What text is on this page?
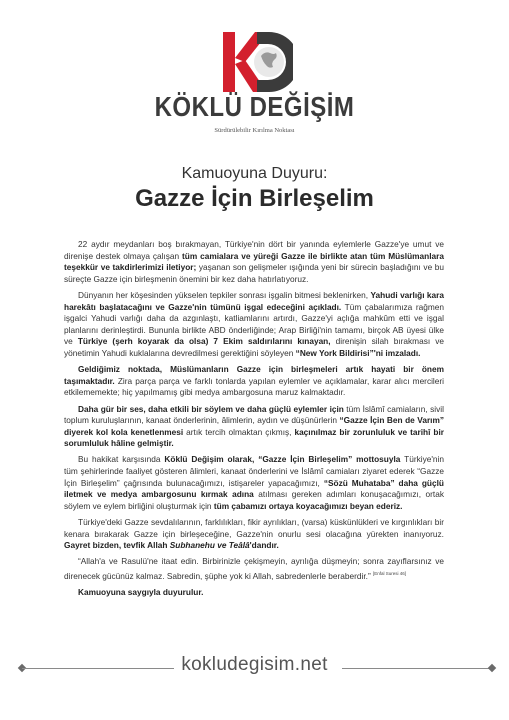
KÖKLÜ DEĞİŞİM
Sürdürülebilir Kırılma Noktası
Kamuoyuna Duyuru:
Gazze İçin Birleşelim

22 aydır meydanları boş bırakmayan, Türkiye'nin dört bir yanında eylemlerle Gazze'ye umut ve direnişe destek olmaya çalışan tüm camialara ve yüreği Gazze ile birlikte atan tüm Müslümanlara teşekkür ve takdirlerimizi iletiyor; yaşanan son gelişmeler ışığında yeni bir sürecin başladığını ve bu süreçte Gazze için birleşmenin önemini bir kez daha hatırlatıyoruz.

Dünyanın her köşesinden yükselen tepkiler sonrası işgalin bitmesi beklenirken, Yahudi varlığı kara harekâtı başlatacağını ve Gazze'nin tümünü işgal edeceğini açıkladı. Tüm çabalarımıza rağmen işgalci Yahudi varlığı daha da azgınlaştı, katliamlarını artırdı, Gazze'yi açlığa mahkûm etti ve işgal planlarını derinleştirdi. Bununla birlikte ABD önderliğinde; Arap Birliği'nin tamamı, birçok AB üyesi ülke ve Türkiye (şerh koyarak da olsa) 7 Ekim saldırılarını kınayan, direnişin silah bırakması ve yönetimin Yahudi kuklalarına devredilmesi gerektiğini söyleyen “New York Bildirisi”'ni imzaladı.

Geldiğimiz noktada, Müslümanların Gazze için birleşmeleri artık hayati bir önem taşımaktadır. Zira parça parça ve farklı tonlarda yapılan eylemler ve açıklamalar, karar alıcı mercileri etkilememekte; hiç yapılmamış gibi medya ambargosuna maruz kalmaktadır.

Daha gür bir ses, daha etkili bir söylem ve daha güçlü eylemler için tüm İslâmî camiaların, sivil toplum kuruluşlarının, kanaat önderlerinin, âlimlerin, aydın ve düşünürlerin “Gazze İçin Ben de Varım” diyerek kol kola kenetlenmesi artık tercih olmaktan çıkmış, kaçınılmaz bir zorunluluk ve tarihî bir sorumluluk hâline gelmiştir.

Bu hakikat karşısında Köklü Değişim olarak, “Gazze İçin Birleşelim” mottosuyla Türkiye'nin tüm şehirlerinde faaliyet gösteren âlimleri, kanaat önderlerini ve İslâmî camiaları ziyaret ederek “Gazze İçin Birleşelim” çağrısında bulunacağımızı, istişareler yapacağımızı, “Sözü Muhataba” daha güçlü iletmek ve medya ambargosunu kırmak adına atılması gereken adımları konuşacağımızı, ortak söylem ve eylem birliğini oluşturmak için tüm çabamızı ortaya koyacağımızı beyan ederiz.

Türkiye'deki Gazze sevdalılarının, farklılıkları, fikir ayrılıkları, (varsa) küskünlükleri ve kırgınlıkları bir kenara bırakarak Gazze için birleşeceğine, Gazze'nin onurlu sesi olacağına yürekten inanıyoruz. Gayret bizden, tevfik Allah Subhanehu ve Teâlâ'dandır.

“Allah'a ve Rasulü'ne itaat edin. Birbirinizle çekişmeyin, ayrılığa düşmeyin; sonra zayıflarsınız ve direnecek gücünüz kalmaz. Sabredin, şüphe yok ki Allah, sabredenlerle beraberdir.” [Enfal Suresi 46]

Kamuoyuna saygıyla duyurulur.

kokludegisim.net
